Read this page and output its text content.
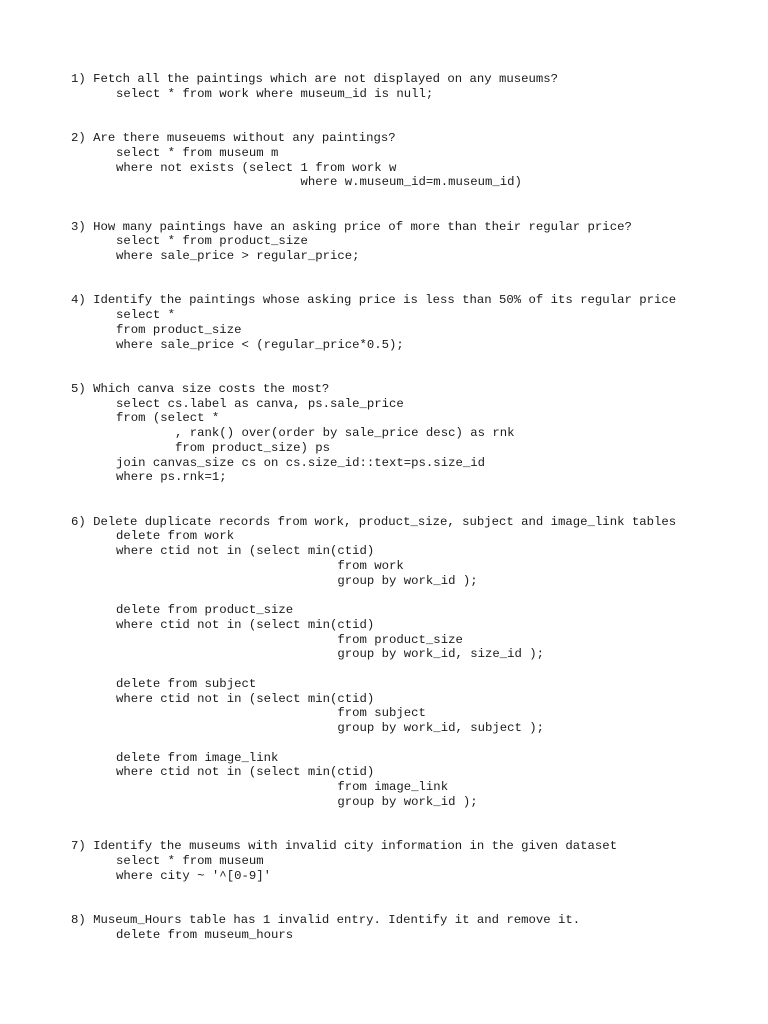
1) Fetch all the paintings which are not displayed on any museums?
select * from work where museum_id is null;
2) Are there museuems without any paintings?
select * from museum m
where not exists (select 1 from work w
where w.museum_id=m.museum_id)
3) How many paintings have an asking price of more than their regular price?
select * from product_size
where sale_price > regular_price;
4) Identify the paintings whose asking price is less than 50% of its regular price
select *
from product_size
where sale_price < (regular_price*0.5);
5) Which canva size costs the most?
select cs.label as canva, ps.sale_price
from (select *
, rank() over(order by sale_price desc) as rnk
from product_size) ps
join canvas_size cs on cs.size_id::text=ps.size_id
where ps.rnk=1;
6) Delete duplicate records from work, product_size, subject and image_link tables
delete from work
where ctid not in (select min(ctid)
from work
group by work_id );
delete from product_size
where ctid not in (select min(ctid)
from product_size
group by work_id, size_id );
delete from subject
where ctid not in (select min(ctid)
from subject
group by work_id, subject );
delete from image_link
where ctid not in (select min(ctid)
from image_link
group by work_id );
7) Identify the museums with invalid city information in the given dataset
select * from museum
where city ~ '^[0-9]'
8) Museum_Hours table has 1 invalid entry. Identify it and remove it.
delete from museum_hours
